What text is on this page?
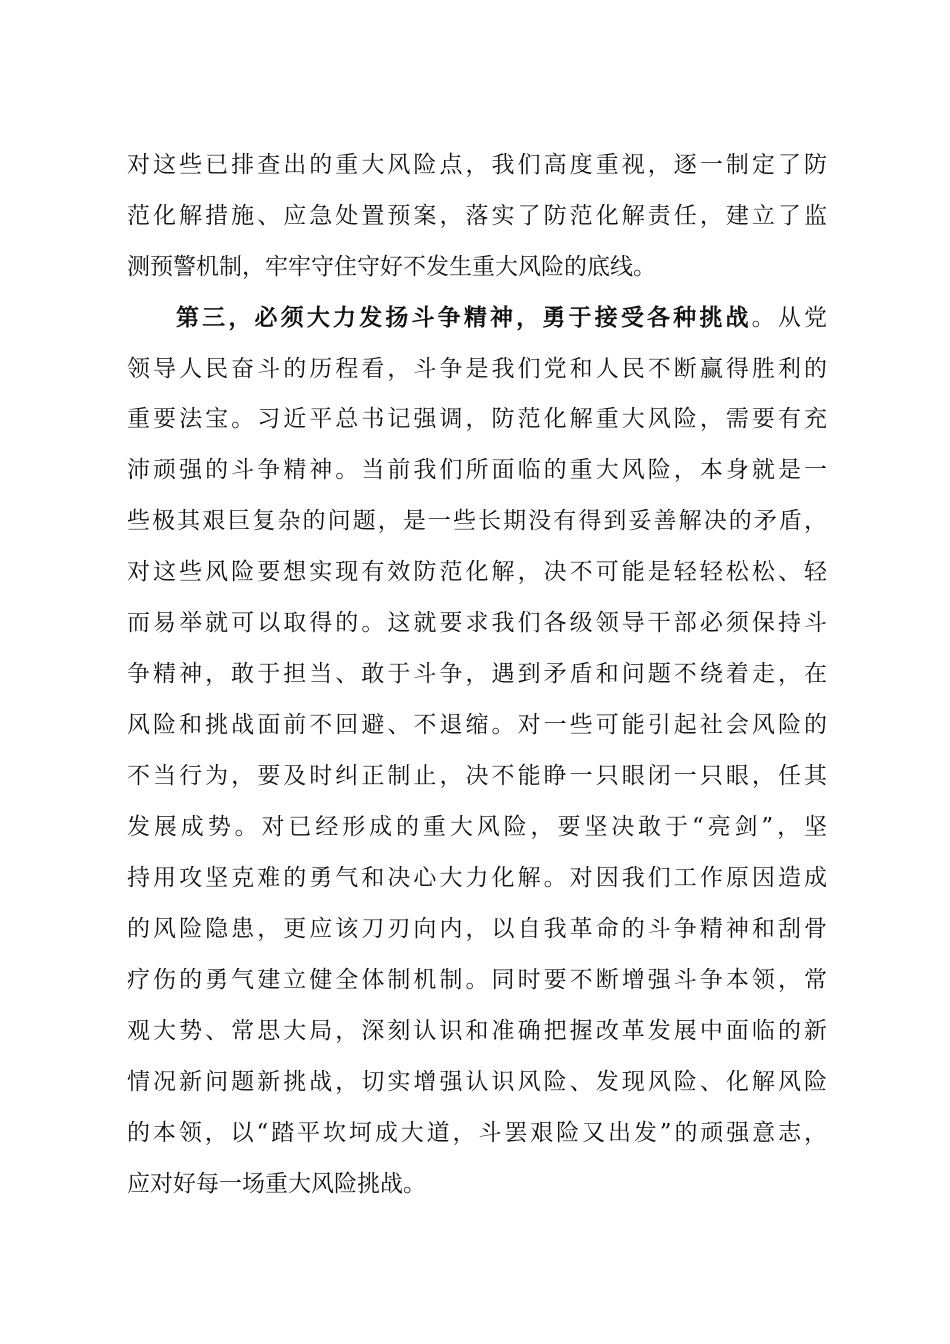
对这些已排查出的重大风险点，我们高度重视，逐一制定了防
范化解措施、应急处置预案，落实了防范化解责任，建立了监
测预警机制，牢牢守住守好不发生重大风险的底线。
第三，必须大力发扬斗争精神，勇于接受各种挑战。从党
领导人民奋斗的历程看，斗争是我们党和人民不断赢得胜利的
重要法宝。习近平总书记强调，防范化解重大风险，需要有充
沛顽强的斗争精神。当前我们所面临的重大风险，本身就是一
些极其艰巨复杂的问题，是一些长期没有得到妥善解决的矛盾，
对这些风险要想实现有效防范化解，决不可能是轻轻松松、轻
而易举就可以取得的。这就要求我们各级领导干部必须保持斗
争精神，敢于担当、敢于斗争，遇到矛盾和问题不绕着走，在
风险和挑战面前不回避、不退缩。对一些可能引起社会风险的
不当行为，要及时纠正制止，决不能睁一只眼闭一只眼，任其
发展成势。对已经形成的重大风险，要坚决敢于“亮剑”，坚
持用攻坚克难的勇气和决心大力化解。对因我们工作原因造成
的风险隐患，更应该刀刃向内，以自我革命的斗争精神和刮骨
疗伤的勇气建立健全体制机制。同时要不断增强斗争本领，常
观大势、常思大局，深刻认识和准确把握改革发展中面临的新
情况新问题新挑战，切实增强认识风险、发现风险、化解风险
的本领，以“踏平坎坷成大道，斗罢艰险又出发”的顽强意志，
应对好每一场重大风险挑战。
